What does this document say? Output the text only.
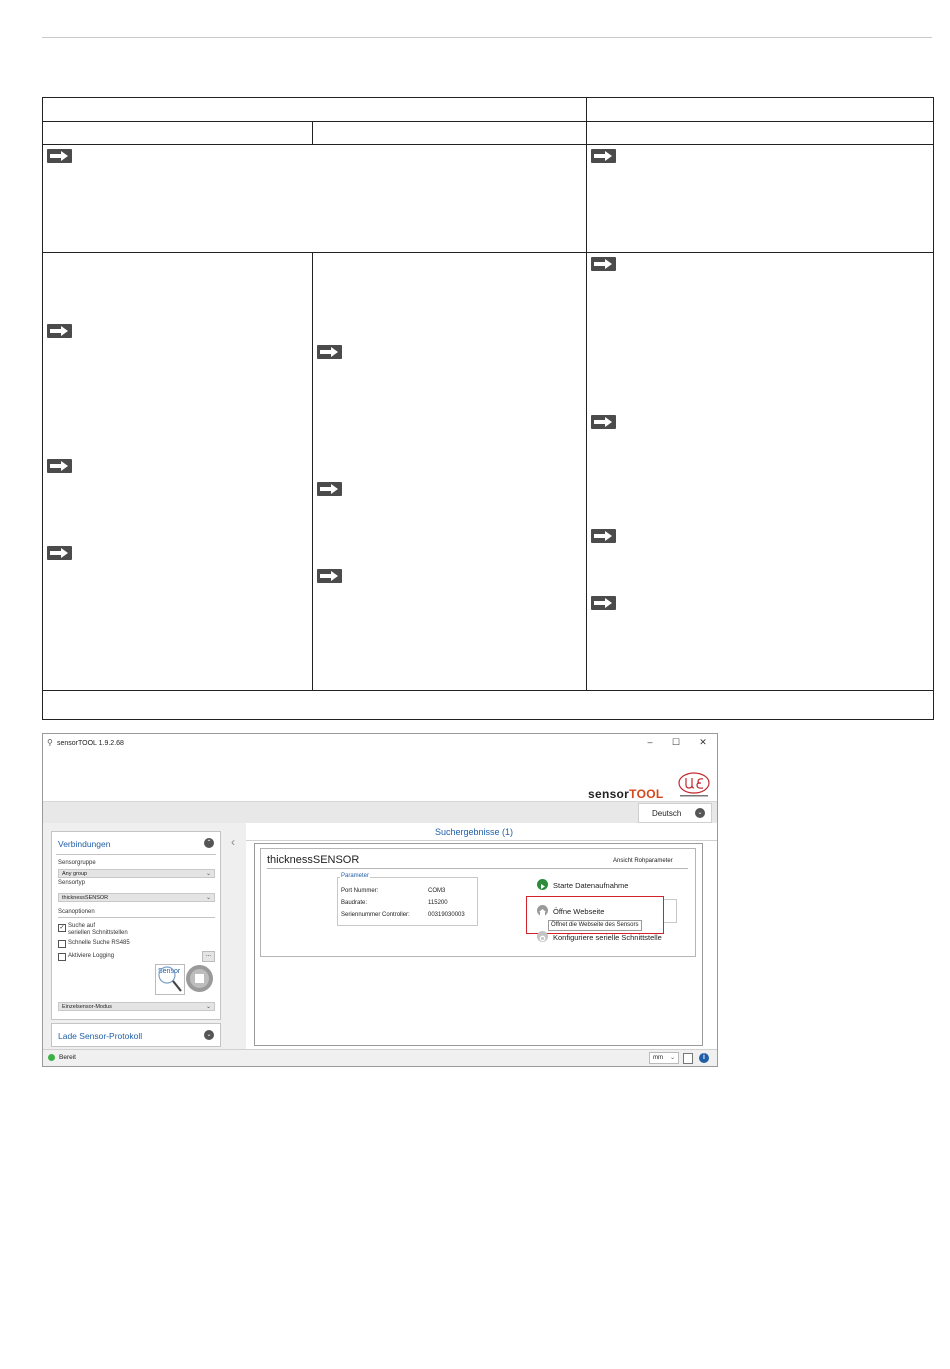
⚲ sensorTOOL 1.9.2.68	–	☐	✕
sensorTOOL
Deutsch	⌄
Verbindungen	⌃
Sensorgruppe
Any group	⌄
Sensortyp
thicknessSENSOR	⌄
Scanoptionen
✓ Suche auf
seriellen Schnittstellen
Schnelle Suche RS485
Aktiviere Logging	...
Sensor
Einzelsensor-Modus	⌄
Lade Sensor-Protokoll	⌄
‹
Suchergebnisse (1)
thicknessSENSOR	Ansicht Rohparameter
Parameter
Port Nummer:	COM3
Baudrate:	115200
Seriennummer Controller:	00319030003
Starte Datenaufnahme
Öffne Webseite
Öffnet die Webseite des Sensors
Konfiguriere serielle Schnittstelle
Bereit	mm ⌄	i
